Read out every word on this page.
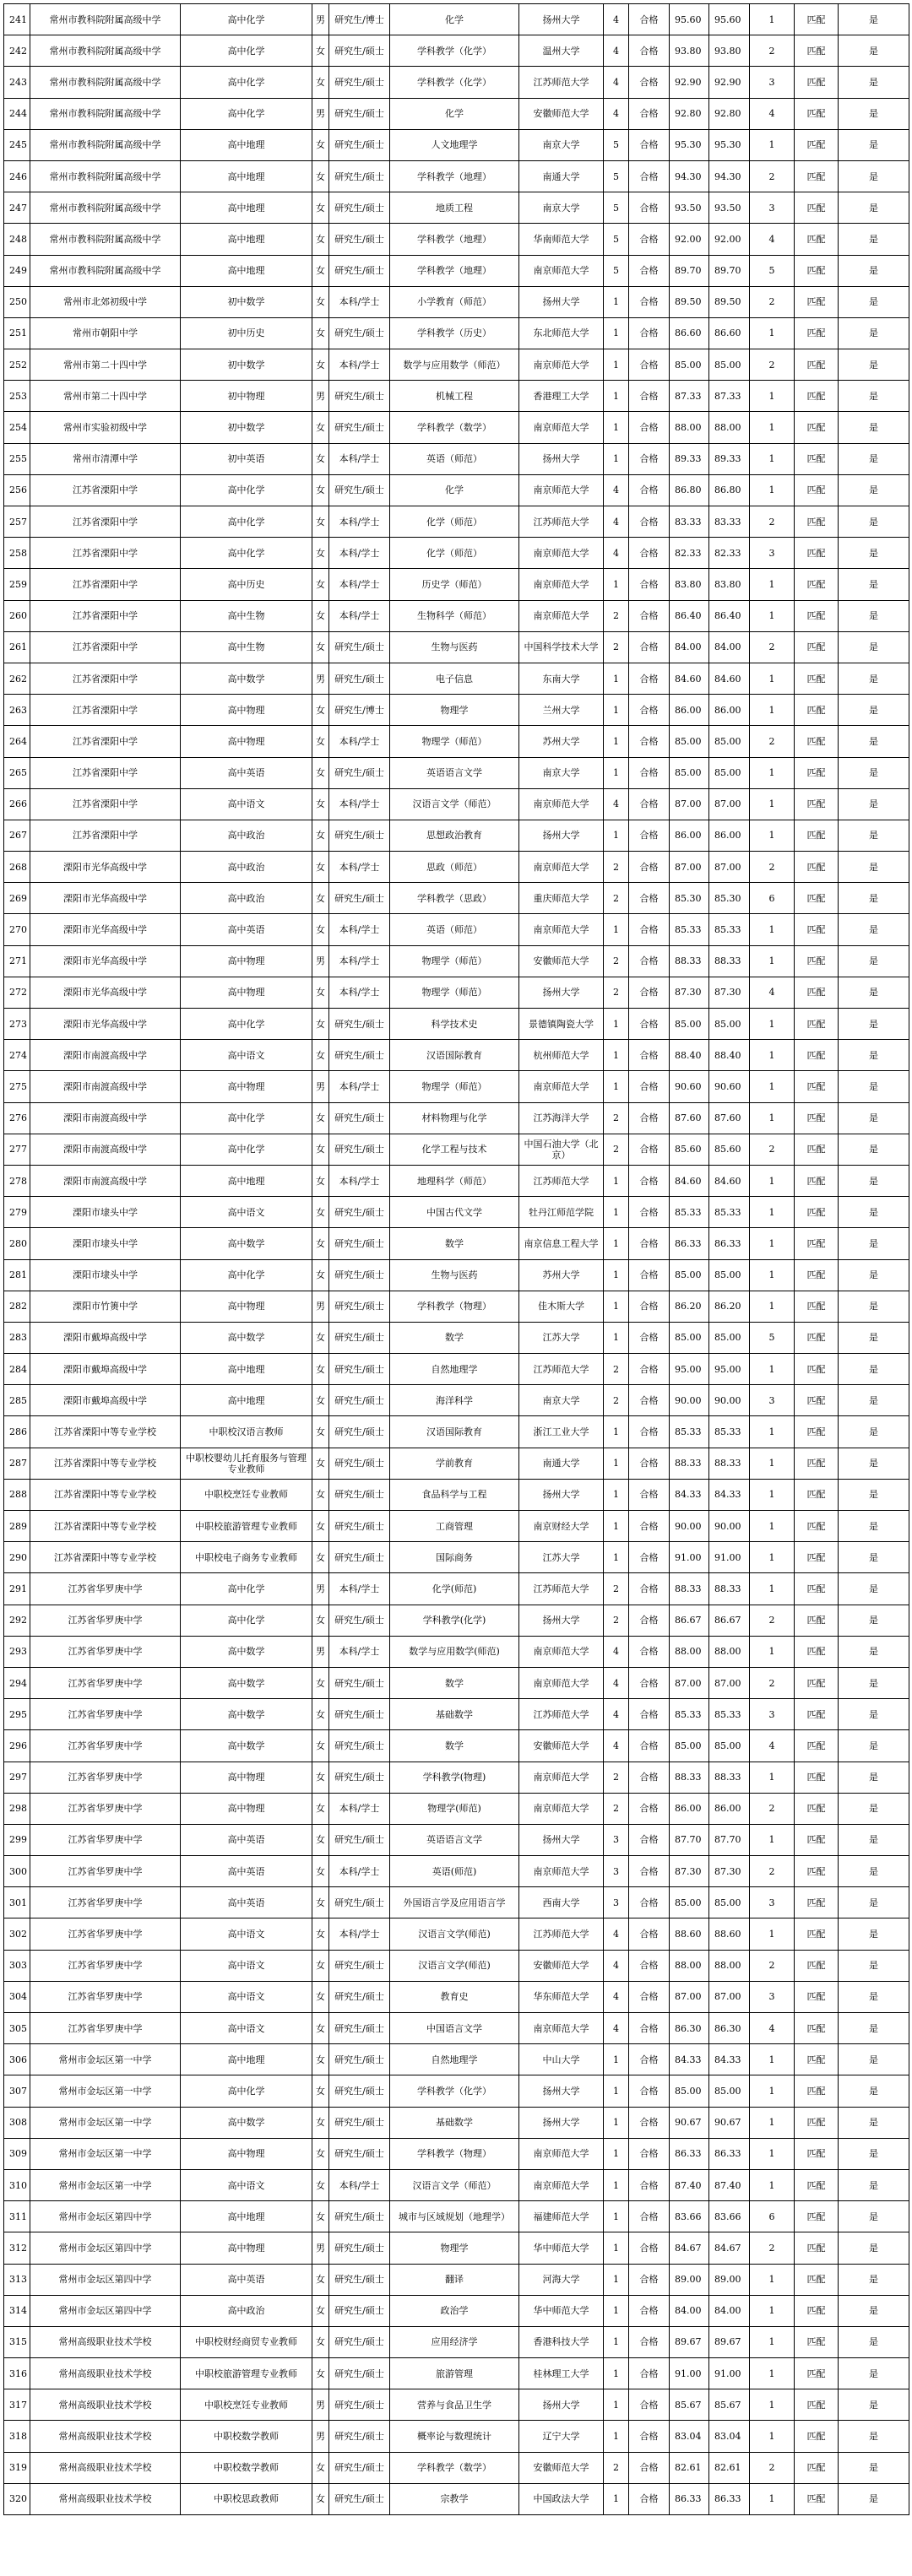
241	常州市教科院附属高级中学	高中化学	男	研究生/博士	化学	扬州大学	4	合格	95.60	95.60	1	匹配	是
242	常州市教科院附属高级中学	高中化学	女	研究生/硕士	学科教学（化学）	温州大学	4	合格	93.80	93.80	2	匹配	是
243	常州市教科院附属高级中学	高中化学	女	研究生/硕士	学科教学（化学）	江苏师范大学	4	合格	92.90	92.90	3	匹配	是
244	常州市教科院附属高级中学	高中化学	男	研究生/硕士	化学	安徽师范大学	4	合格	92.80	92.80	4	匹配	是
245	常州市教科院附属高级中学	高中地理	女	研究生/硕士	人文地理学	南京大学	5	合格	95.30	95.30	1	匹配	是
246	常州市教科院附属高级中学	高中地理	女	研究生/硕士	学科教学（地理）	南通大学	5	合格	94.30	94.30	2	匹配	是
247	常州市教科院附属高级中学	高中地理	女	研究生/硕士	地质工程	南京大学	5	合格	93.50	93.50	3	匹配	是
248	常州市教科院附属高级中学	高中地理	女	研究生/硕士	学科教学（地理）	华南师范大学	5	合格	92.00	92.00	4	匹配	是
249	常州市教科院附属高级中学	高中地理	女	研究生/硕士	学科教学（地理）	南京师范大学	5	合格	89.70	89.70	5	匹配	是
250	常州市北郊初级中学	初中数学	女	本科/学士	小学教育（师范）	扬州大学	1	合格	89.50	89.50	2	匹配	是
251	常州市朝阳中学	初中历史	女	研究生/硕士	学科教学（历史）	东北师范大学	1	合格	86.60	86.60	1	匹配	是
252	常州市第二十四中学	初中数学	女	本科/学士	数学与应用数学（师范）	南京师范大学	1	合格	85.00	85.00	2	匹配	是
253	常州市第二十四中学	初中物理	男	研究生/硕士	机械工程	香港理工大学	1	合格	87.33	87.33	1	匹配	是
254	常州市实验初级中学	初中数学	女	研究生/硕士	学科教学（数学）	南京师范大学	1	合格	88.00	88.00	1	匹配	是
255	常州市清潭中学	初中英语	女	本科/学士	英语（师范）	扬州大学	1	合格	89.33	89.33	1	匹配	是
256	江苏省溧阳中学	高中化学	女	研究生/硕士	化学	南京师范大学	4	合格	86.80	86.80	1	匹配	是
257	江苏省溧阳中学	高中化学	女	本科/学士	化学（师范）	江苏师范大学	4	合格	83.33	83.33	2	匹配	是
258	江苏省溧阳中学	高中化学	女	本科/学士	化学（师范）	南京师范大学	4	合格	82.33	82.33	3	匹配	是
259	江苏省溧阳中学	高中历史	女	本科/学士	历史学（师范）	南京师范大学	1	合格	83.80	83.80	1	匹配	是
260	江苏省溧阳中学	高中生物	女	本科/学士	生物科学（师范）	南京师范大学	2	合格	86.40	86.40	1	匹配	是
261	江苏省溧阳中学	高中生物	女	研究生/硕士	生物与医药	中国科学技术大学	2	合格	84.00	84.00	2	匹配	是
262	江苏省溧阳中学	高中数学	男	研究生/硕士	电子信息	东南大学	1	合格	84.60	84.60	1	匹配	是
263	江苏省溧阳中学	高中物理	女	研究生/博士	物理学	兰州大学	1	合格	86.00	86.00	1	匹配	是
264	江苏省溧阳中学	高中物理	女	本科/学士	物理学（师范）	苏州大学	1	合格	85.00	85.00	2	匹配	是
265	江苏省溧阳中学	高中英语	女	研究生/硕士	英语语言文学	南京大学	1	合格	85.00	85.00	1	匹配	是
266	江苏省溧阳中学	高中语文	女	本科/学士	汉语言文学（师范）	南京师范大学	4	合格	87.00	87.00	1	匹配	是
267	江苏省溧阳中学	高中政治	女	研究生/硕士	思想政治教育	扬州大学	1	合格	86.00	86.00	1	匹配	是
268	溧阳市光华高级中学	高中政治	女	本科/学士	思政（师范）	南京师范大学	2	合格	87.00	87.00	2	匹配	是
269	溧阳市光华高级中学	高中政治	女	研究生/硕士	学科教学（思政）	重庆师范大学	2	合格	85.30	85.30	6	匹配	是
270	溧阳市光华高级中学	高中英语	女	本科/学士	英语（师范）	南京师范大学	1	合格	85.33	85.33	1	匹配	是
271	溧阳市光华高级中学	高中物理	男	本科/学士	物理学（师范）	安徽师范大学	2	合格	88.33	88.33	1	匹配	是
272	溧阳市光华高级中学	高中物理	女	本科/学士	物理学（师范）	扬州大学	2	合格	87.30	87.30	4	匹配	是
273	溧阳市光华高级中学	高中化学	女	研究生/硕士	科学技术史	景德镇陶瓷大学	1	合格	85.00	85.00	1	匹配	是
274	溧阳市南渡高级中学	高中语文	女	研究生/硕士	汉语国际教育	杭州师范大学	1	合格	88.40	88.40	1	匹配	是
275	溧阳市南渡高级中学	高中物理	男	本科/学士	物理学（师范）	南京师范大学	1	合格	90.60	90.60	1	匹配	是
276	溧阳市南渡高级中学	高中化学	女	研究生/硕士	材料物理与化学	江苏海洋大学	2	合格	87.60	87.60	1	匹配	是
277	溧阳市南渡高级中学	高中化学	女	研究生/硕士	化学工程与技术	中国石油大学（北京）	2	合格	85.60	85.60	2	匹配	是
278	溧阳市南渡高级中学	高中地理	女	本科/学士	地理科学（师范）	江苏师范大学	1	合格	84.60	84.60	1	匹配	是
279	溧阳市埭头中学	高中语文	女	研究生/硕士	中国古代文学	牡丹江师范学院	1	合格	85.33	85.33	1	匹配	是
280	溧阳市埭头中学	高中数学	女	研究生/硕士	数学	南京信息工程大学	1	合格	86.33	86.33	1	匹配	是
281	溧阳市埭头中学	高中化学	女	研究生/硕士	生物与医药	苏州大学	1	合格	85.00	85.00	1	匹配	是
282	溧阳市竹箦中学	高中物理	男	研究生/硕士	学科教学（物理）	佳木斯大学	1	合格	86.20	86.20	1	匹配	是
283	溧阳市戴埠高级中学	高中数学	女	研究生/硕士	数学	江苏大学	1	合格	85.00	85.00	5	匹配	是
284	溧阳市戴埠高级中学	高中地理	女	研究生/硕士	自然地理学	江苏师范大学	2	合格	95.00	95.00	1	匹配	是
285	溧阳市戴埠高级中学	高中地理	女	研究生/硕士	海洋科学	南京大学	2	合格	90.00	90.00	3	匹配	是
286	江苏省溧阳中等专业学校	中职校汉语言教师	女	研究生/硕士	汉语国际教育	浙江工业大学	1	合格	85.33	85.33	1	匹配	是
287	江苏省溧阳中等专业学校	中职校婴幼儿托育服务与管理专业教师	女	研究生/硕士	学前教育	南通大学	1	合格	88.33	88.33	1	匹配	是
288	江苏省溧阳中等专业学校	中职校烹饪专业教师	女	研究生/硕士	食品科学与工程	扬州大学	1	合格	84.33	84.33	1	匹配	是
289	江苏省溧阳中等专业学校	中职校旅游管理专业教师	女	研究生/硕士	工商管理	南京财经大学	1	合格	90.00	90.00	1	匹配	是
290	江苏省溧阳中等专业学校	中职校电子商务专业教师	女	研究生/硕士	国际商务	江苏大学	1	合格	91.00	91.00	1	匹配	是
291	江苏省华罗庚中学	高中化学	男	本科/学士	化学(师范)	江苏师范大学	2	合格	88.33	88.33	1	匹配	是
292	江苏省华罗庚中学	高中化学	女	研究生/硕士	学科教学(化学)	扬州大学	2	合格	86.67	86.67	2	匹配	是
293	江苏省华罗庚中学	高中数学	男	本科/学士	数学与应用数学(师范)	南京师范大学	4	合格	88.00	88.00	1	匹配	是
294	江苏省华罗庚中学	高中数学	女	研究生/硕士	数学	南京师范大学	4	合格	87.00	87.00	2	匹配	是
295	江苏省华罗庚中学	高中数学	女	研究生/硕士	基础数学	江苏师范大学	4	合格	85.33	85.33	3	匹配	是
296	江苏省华罗庚中学	高中数学	女	研究生/硕士	数学	安徽师范大学	4	合格	85.00	85.00	4	匹配	是
297	江苏省华罗庚中学	高中物理	女	研究生/硕士	学科教学(物理)	南京师范大学	2	合格	88.33	88.33	1	匹配	是
298	江苏省华罗庚中学	高中物理	女	本科/学士	物理学(师范)	南京师范大学	2	合格	86.00	86.00	2	匹配	是
299	江苏省华罗庚中学	高中英语	女	研究生/硕士	英语语言文学	扬州大学	3	合格	87.70	87.70	1	匹配	是
300	江苏省华罗庚中学	高中英语	女	本科/学士	英语(师范)	南京师范大学	3	合格	87.30	87.30	2	匹配	是
301	江苏省华罗庚中学	高中英语	女	研究生/硕士	外国语言学及应用语言学	西南大学	3	合格	85.00	85.00	3	匹配	是
302	江苏省华罗庚中学	高中语文	女	本科/学士	汉语言文学(师范)	江苏师范大学	4	合格	88.60	88.60	1	匹配	是
303	江苏省华罗庚中学	高中语文	女	研究生/硕士	汉语言文学(师范)	安徽师范大学	4	合格	88.00	88.00	2	匹配	是
304	江苏省华罗庚中学	高中语文	女	研究生/硕士	教育史	华东师范大学	4	合格	87.00	87.00	3	匹配	是
305	江苏省华罗庚中学	高中语文	女	研究生/硕士	中国语言文学	南京师范大学	4	合格	86.30	86.30	4	匹配	是
306	常州市金坛区第一中学	高中地理	女	研究生/硕士	自然地理学	中山大学	1	合格	84.33	84.33	1	匹配	是
307	常州市金坛区第一中学	高中化学	女	研究生/硕士	学科教学（化学）	扬州大学	1	合格	85.00	85.00	1	匹配	是
308	常州市金坛区第一中学	高中数学	女	研究生/硕士	基础数学	扬州大学	1	合格	90.67	90.67	1	匹配	是
309	常州市金坛区第一中学	高中物理	女	研究生/硕士	学科教学（物理）	南京师范大学	1	合格	86.33	86.33	1	匹配	是
310	常州市金坛区第一中学	高中语文	女	本科/学士	汉语言文学（师范）	南京师范大学	1	合格	87.40	87.40	1	匹配	是
311	常州市金坛区第四中学	高中地理	女	研究生/硕士	城市与区域规划（地理学）	福建师范大学	1	合格	83.66	83.66	6	匹配	是
312	常州市金坛区第四中学	高中物理	男	研究生/硕士	物理学	华中师范大学	1	合格	84.67	84.67	2	匹配	是
313	常州市金坛区第四中学	高中英语	女	研究生/硕士	翻译	河海大学	1	合格	89.00	89.00	1	匹配	是
314	常州市金坛区第四中学	高中政治	女	研究生/硕士	政治学	华中师范大学	1	合格	84.00	84.00	1	匹配	是
315	常州高级职业技术学校	中职校财经商贸专业教师	女	研究生/硕士	应用经济学	香港科技大学	1	合格	89.67	89.67	1	匹配	是
316	常州高级职业技术学校	中职校旅游管理专业教师	女	研究生/硕士	旅游管理	桂林理工大学	1	合格	91.00	91.00	1	匹配	是
317	常州高级职业技术学校	中职校烹饪专业教师	男	研究生/硕士	营养与食品卫生学	扬州大学	1	合格	85.67	85.67	1	匹配	是
318	常州高级职业技术学校	中职校数学教师	男	研究生/硕士	概率论与数理统计	辽宁大学	1	合格	83.04	83.04	1	匹配	是
319	常州高级职业技术学校	中职校数学教师	女	研究生/硕士	学科教学（数学）	安徽师范大学	2	合格	82.61	82.61	2	匹配	是
320	常州高级职业技术学校	中职校思政教师	女	研究生/硕士	宗教学	中国政法大学	1	合格	86.33	86.33	1	匹配	是
